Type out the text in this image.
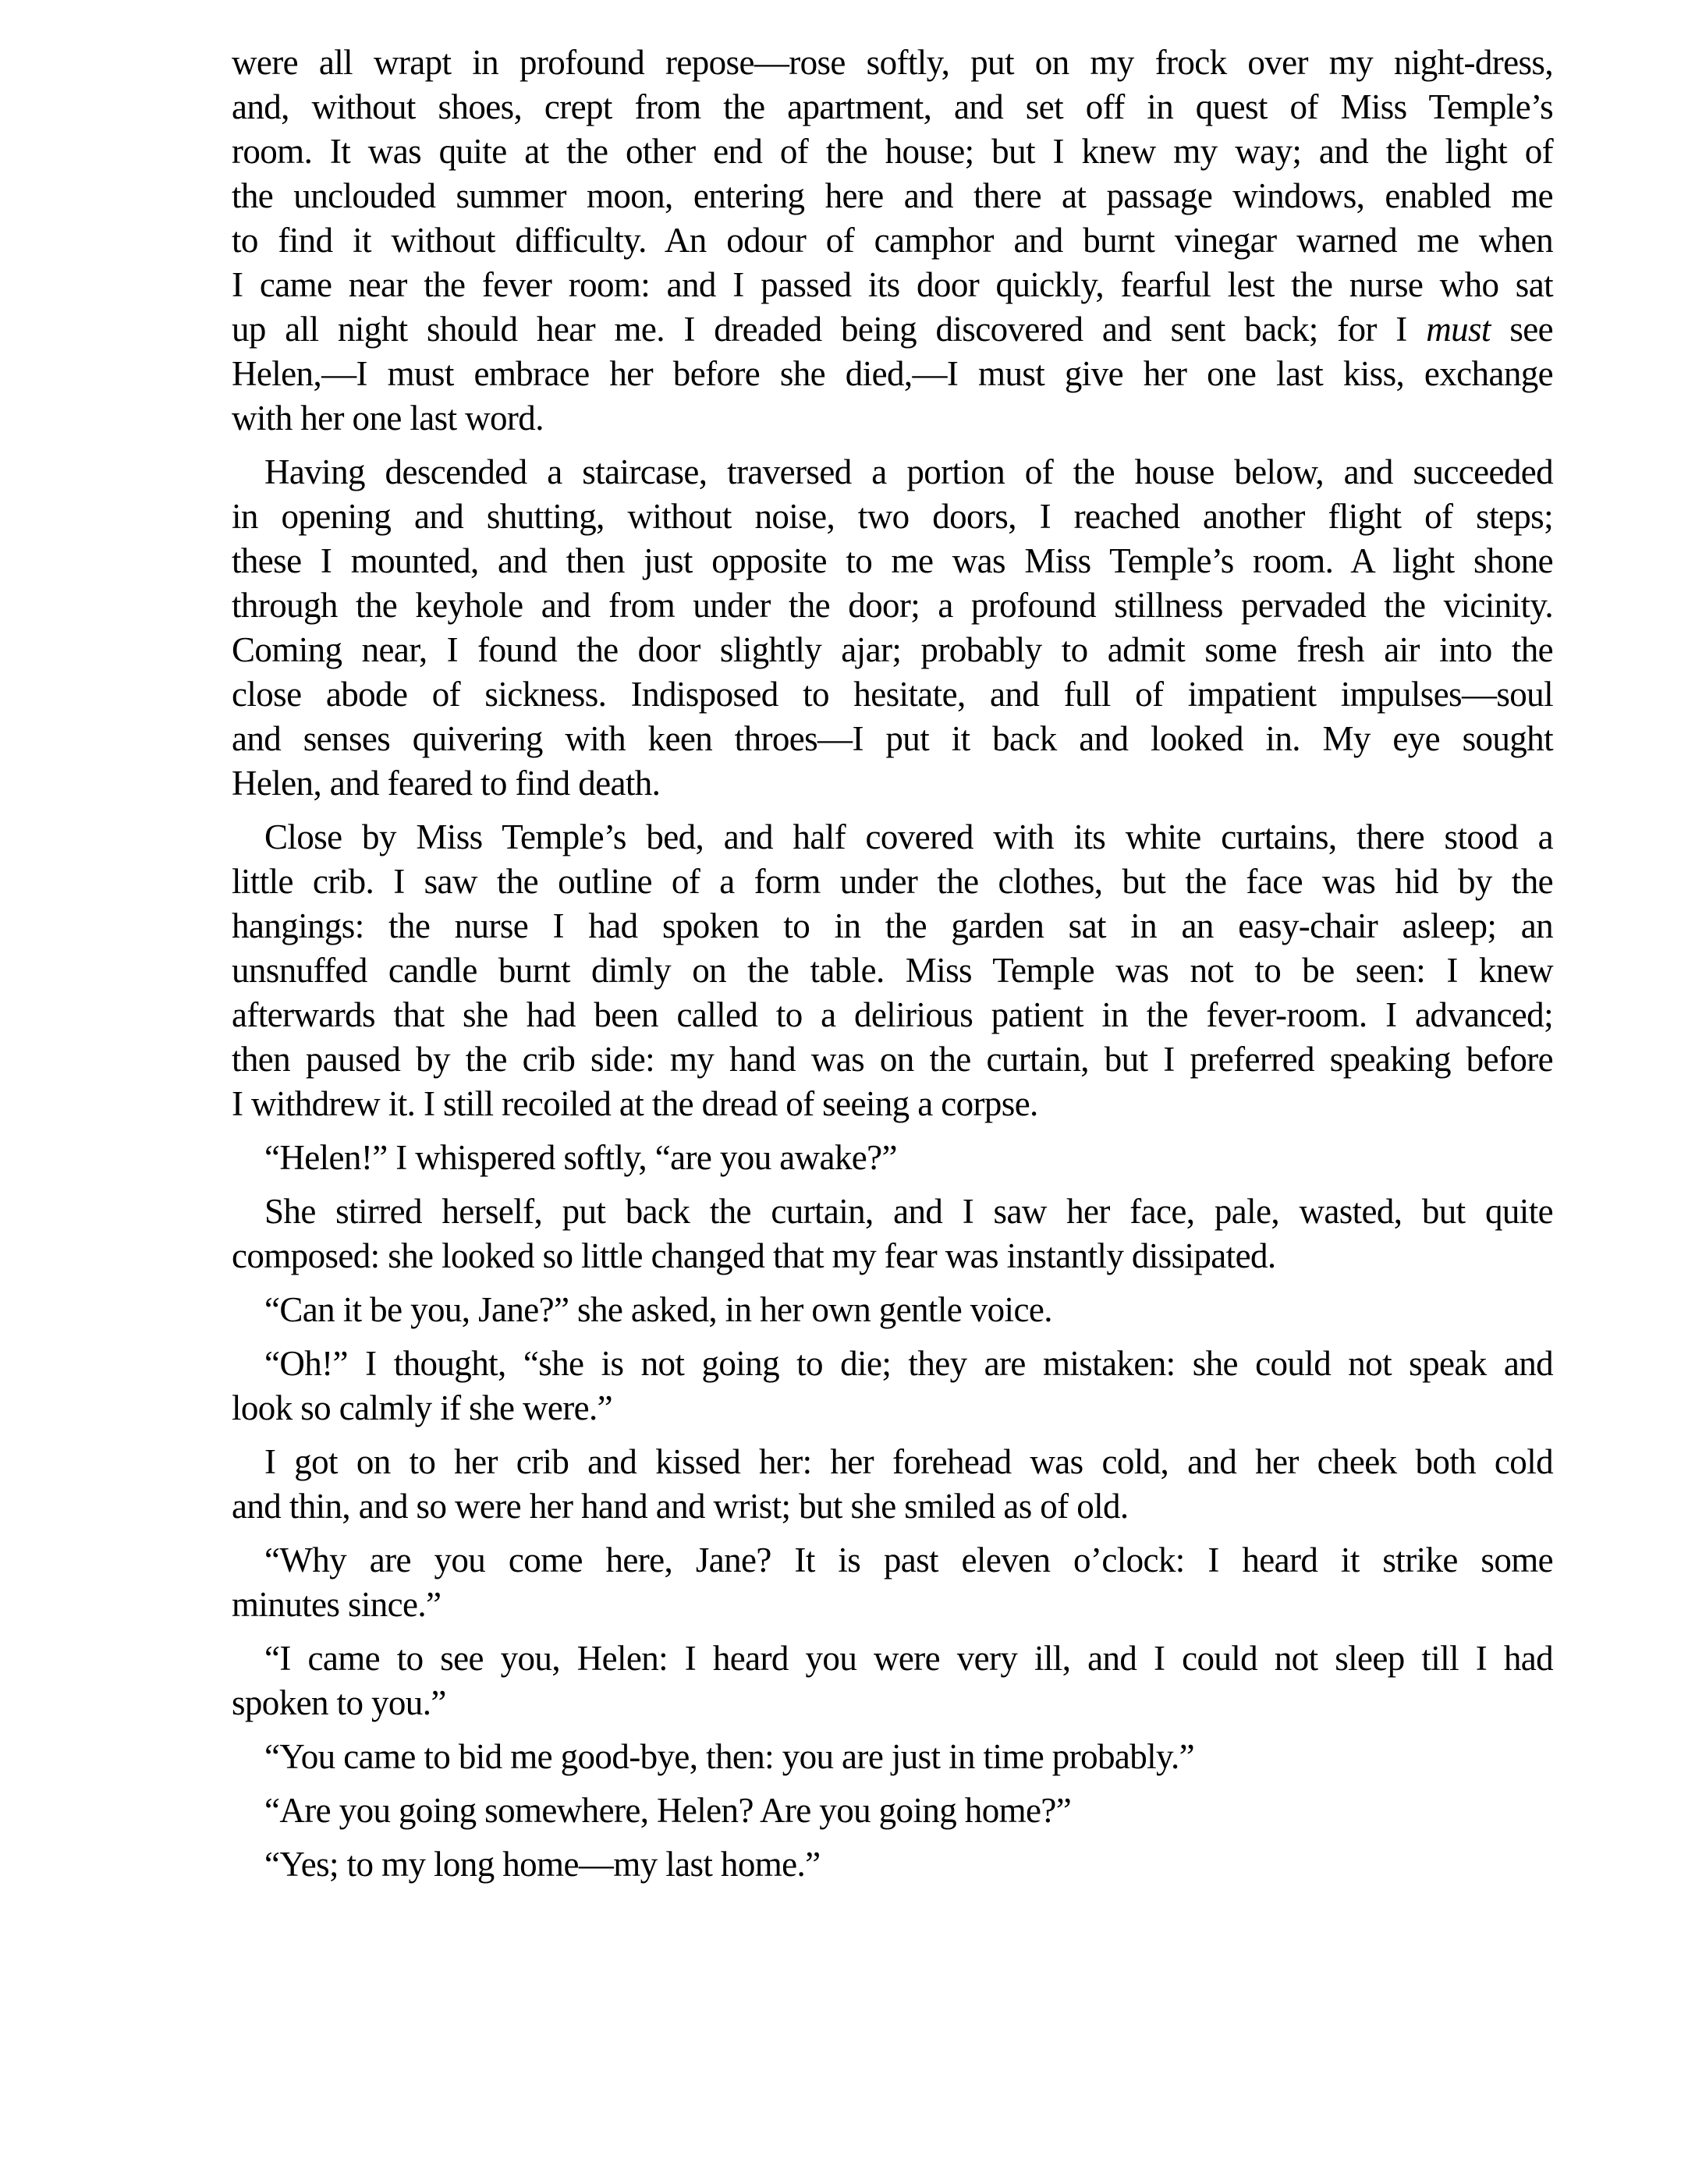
were all wrapt in profound repose—rose softly, put on my frock over my night-dress,
and, without shoes, crept from the apartment, and set off in quest of Miss Temple’s
room. It was quite at the other end of the house; but I knew my way; and the light of
the unclouded summer moon, entering here and there at passage windows, enabled me
to find it without difficulty. An odour of camphor and burnt vinegar warned me when
I came near the fever room: and I passed its door quickly, fearful lest the nurse who sat
up all night should hear me. I dreaded being discovered and sent back; for I must see
Helen,—I must embrace her before she died,—I must give her one last kiss, exchange
with her one last word.
Having descended a staircase, traversed a portion of the house below, and succeeded
in opening and shutting, without noise, two doors, I reached another flight of steps;
these I mounted, and then just opposite to me was Miss Temple’s room. A light shone
through the keyhole and from under the door; a profound stillness pervaded the vicinity.
Coming near, I found the door slightly ajar; probably to admit some fresh air into the
close abode of sickness. Indisposed to hesitate, and full of impatient impulses—soul
and senses quivering with keen throes—I put it back and looked in. My eye sought
Helen, and feared to find death.
Close by Miss Temple’s bed, and half covered with its white curtains, there stood a
little crib. I saw the outline of a form under the clothes, but the face was hid by the
hangings: the nurse I had spoken to in the garden sat in an easy-chair asleep; an
unsnuffed candle burnt dimly on the table. Miss Temple was not to be seen: I knew
afterwards that she had been called to a delirious patient in the fever-room. I advanced;
then paused by the crib side: my hand was on the curtain, but I preferred speaking before
I withdrew it. I still recoiled at the dread of seeing a corpse.
“Helen!” I whispered softly, “are you awake?”
She stirred herself, put back the curtain, and I saw her face, pale, wasted, but quite
composed: she looked so little changed that my fear was instantly dissipated.
“Can it be you, Jane?” she asked, in her own gentle voice.
“Oh!” I thought, “she is not going to die; they are mistaken: she could not speak and
look so calmly if she were.”
I got on to her crib and kissed her: her forehead was cold, and her cheek both cold
and thin, and so were her hand and wrist; but she smiled as of old.
“Why are you come here, Jane? It is past eleven o’clock: I heard it strike some
minutes since.”
“I came to see you, Helen: I heard you were very ill, and I could not sleep till I had
spoken to you.”
“You came to bid me good-bye, then: you are just in time probably.”
“Are you going somewhere, Helen? Are you going home?”
“Yes; to my long home—my last home.”
